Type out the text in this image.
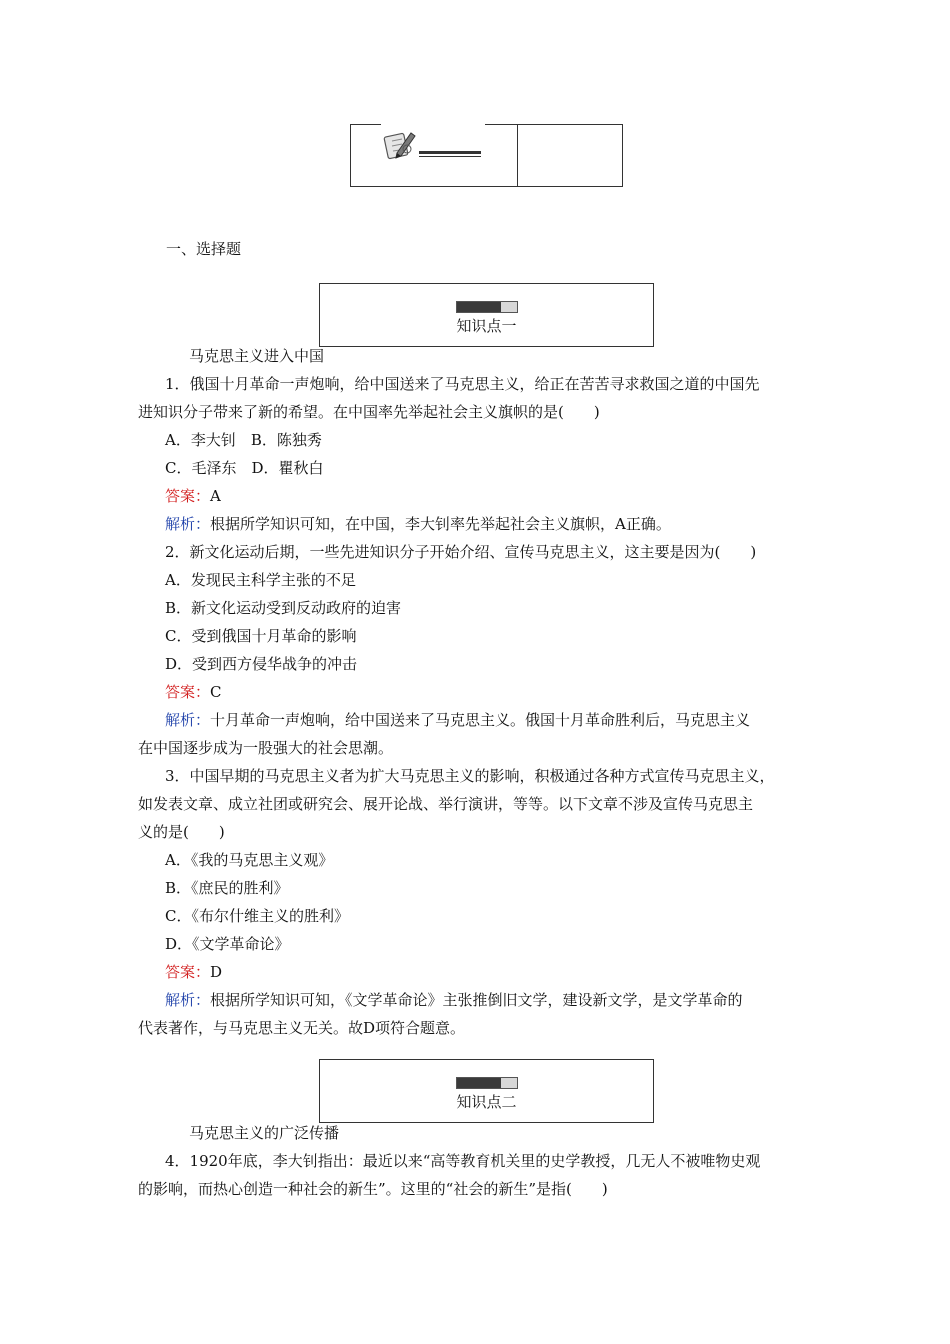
一、选择题
知识点一
马克思主义进入中国
1．俄国十月革命一声炮响，给中国送来了马克思主义，给正在苦苦寻求救国之道的中国先
进知识分子带来了新的希望。在中国率先举起社会主义旗帜的是(　　)
A．李大钊　B．陈独秀
C．毛泽东　D．瞿秋白
答案：A
解析：根据所学知识可知，在中国，李大钊率先举起社会主义旗帜，A正确。
2．新文化运动后期，一些先进知识分子开始介绍、宣传马克思主义，这主要是因为(　　)
A．发现民主科学主张的不足
B．新文化运动受到反动政府的迫害
C．受到俄国十月革命的影响
D．受到西方侵华战争的冲击
答案：C
解析：十月革命一声炮响，给中国送来了马克思主义。俄国十月革命胜利后，马克思主义
在中国逐步成为一股强大的社会思潮。
3．中国早期的马克思主义者为扩大马克思主义的影响，积极通过各种方式宣传马克思主义，
如发表文章、成立社团或研究会、展开论战、举行演讲，等等。以下文章不涉及宣传马克思主
义的是(　　)
A．《我的马克思主义观》
B．《庶民的胜利》
C．《布尔什维主义的胜利》
D．《文学革命论》
答案：D
解析：根据所学知识可知，《文学革命论》主张推倒旧文学，建设新文学，是文学革命的
代表著作，与马克思主义无关。故D项符合题意。
知识点二
马克思主义的广泛传播
4．1920年底，李大钊指出：最近以来“高等教育机关里的史学教授，几无人不被唯物史观
的影响，而热心创造一种社会的新生”。这里的“社会的新生”是指(　　)
